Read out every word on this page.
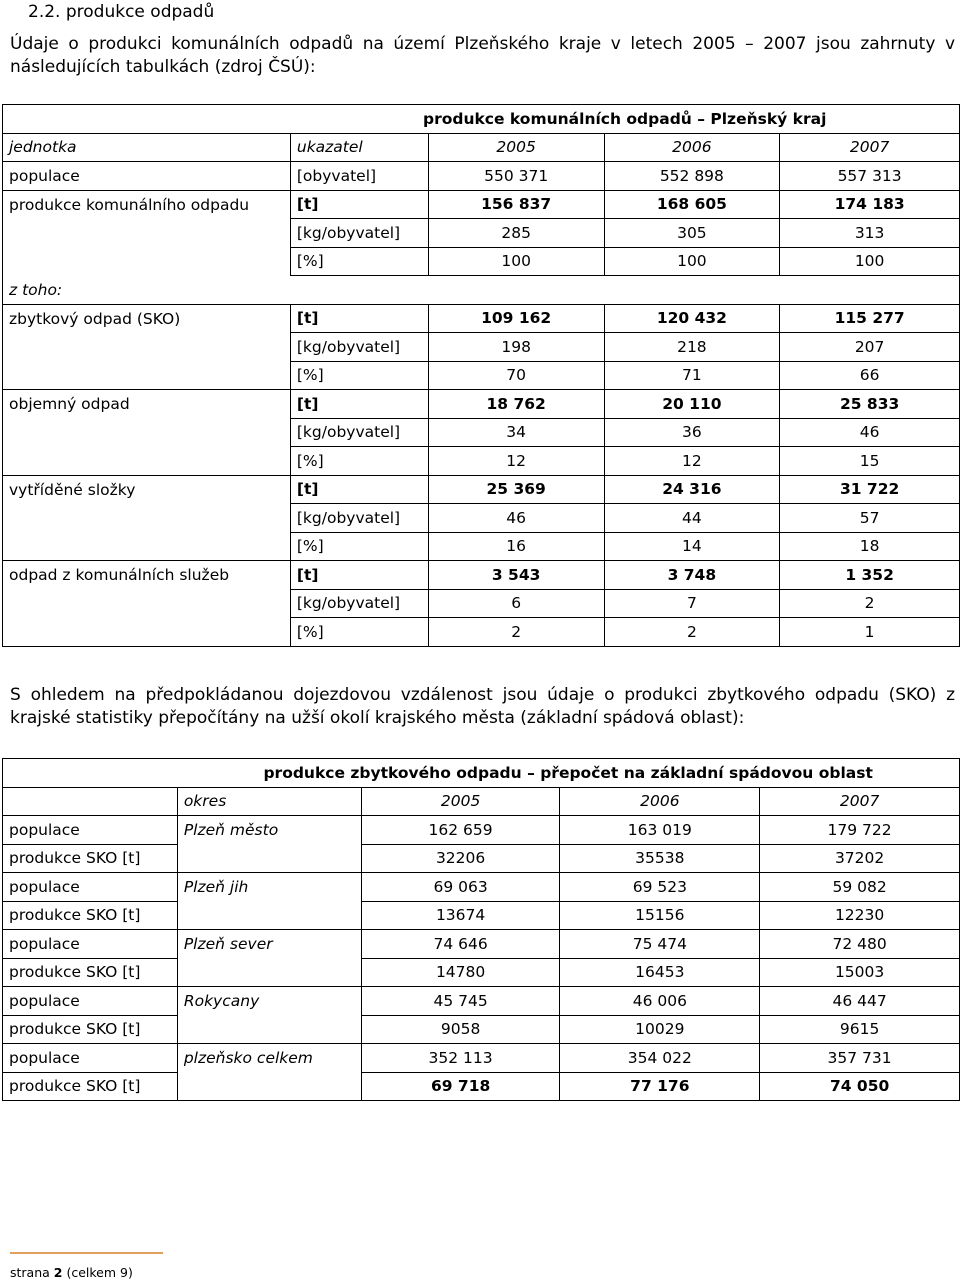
2.2. produkce odpadů
Údaje o produkci komunálních odpadů na území Plzeňského kraje v letech 2005 – 2007 jsou zahrnuty v následujících tabulkách (zdroj ČSÚ):
	produkce komunálních odpadů – Plzeňský kraj			
jednotka	ukazatel	2005	2006	2007
populace	[obyvatel]	550 371	552 898	557 313
produkce komunálního odpadu	[t]	156 837	168 605	174 183
	[kg/obyvatel]	285	305	313
	[%]	100	100	100
z toho:				
zbytkový odpad (SKO)	[t]	109 162	120 432	115 277
	[kg/obyvatel]	198	218	207
	[%]	70	71	66
objemný odpad	[t]	18 762	20 110	25 833
	[kg/obyvatel]	34	36	46
	[%]	12	12	15
vytříděné složky	[t]	25 369	24 316	31 722
	[kg/obyvatel]	46	44	57
	[%]	16	14	18
odpad z komunálních služeb	[t]	3 543	3 748	1 352
	[kg/obyvatel]	6	7	2
	[%]	2	2	1
S ohledem na předpokládanou dojezdovou vzdálenost jsou údaje o produkci zbytkového odpadu (SKO) z krajské statistiky přepočítány na užší okolí krajského města (základní spádová oblast):
	produkce zbytkového odpadu – přepočet na základní spádovou oblast			
	okres	2005	2006	2007
populace	Plzeň město	162 659	163 019	179 722
produkce SKO [t]		32206	35538	37202
populace	Plzeň jih	69 063	69 523	59 082
produkce SKO [t]		13674	15156	12230
populace	Plzeň sever	74 646	75 474	72 480
produkce SKO [t]		14780	16453	15003
populace	Rokycany	45 745	46 006	46 447
produkce SKO [t]		9058	10029	9615
populace	plzeňsko celkem	352 113	354 022	357 731
produkce SKO [t]		69 718	77 176	74 050
strana 2 (celkem 9)
